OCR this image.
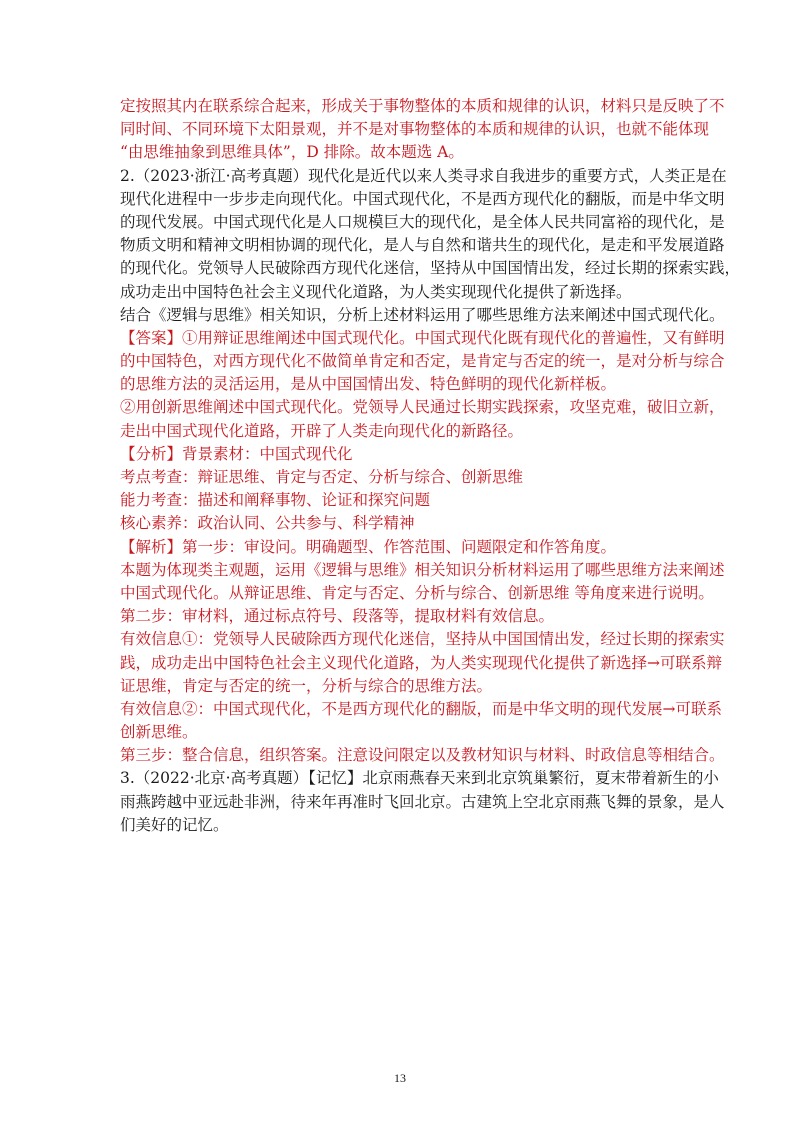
定按照其内在联系综合起来，形成关于事物整体的本质和规律的认识，材料只是反映了不
同时间、不同环境下太阳景观，并不是对事物整体的本质和规律的认识，也就不能体现
“由思维抽象到思维具体”，D 排除。故本题选 A。
2.（2023·浙江·高考真题）现代化是近代以来人类寻求自我进步的重要方式，人类正是在
现代化进程中一步步走向现代化。中国式现代化，不是西方现代化的翻版，而是中华文明
的现代发展。中国式现代化是人口规模巨大的现代化，是全体人民共同富裕的现代化，是
物质文明和精神文明相协调的现代化，是人与自然和谐共生的现代化，是走和平发展道路
的现代化。党领导人民破除西方现代化迷信，坚持从中国国情出发，经过长期的探索实践，
成功走出中国特色社会主义现代化道路，为人类实现现代化提供了新选择。
结合《逻辑与思维》相关知识，分析上述材料运用了哪些思维方法来阐述中国式现代化。
【答案】①用辩证思维阐述中国式现代化。中国式现代化既有现代化的普遍性，又有鲜明
的中国特色，对西方现代化不做简单肯定和否定，是肯定与否定的统一，是对分析与综合
的思维方法的灵活运用，是从中国国情出发、特色鲜明的现代化新样板。
②用创新思维阐述中国式现代化。党领导人民通过长期实践探索，攻坚克难，破旧立新，
走出中国式现代化道路，开辟了人类走向现代化的新路径。
【分析】背景素材：中国式现代化
考点考查：辩证思维、肯定与否定、分析与综合、创新思维
能力考查：描述和阐释事物、论证和探究问题
核心素养：政治认同、公共参与、科学精神
【解析】第一步：审设问。明确题型、作答范围、问题限定和作答角度。
本题为体现类主观题，运用《逻辑与思维》相关知识分析材料运用了哪些思维方法来阐述
中国式现代化。从辩证思维、肯定与否定、分析与综合、创新思维 等角度来进行说明。
第二步：审材料，通过标点符号、段落等，提取材料有效信息。
有效信息①：党领导人民破除西方现代化迷信，坚持从中国国情出发，经过长期的探索实
践，成功走出中国特色社会主义现代化道路，为人类实现现代化提供了新选择→可联系辩
证思维，肯定与否定的统一，分析与综合的思维方法。
有效信息②：中国式现代化，不是西方现代化的翻版，而是中华文明的现代发展→可联系
创新思维。
第三步：整合信息，组织答案。注意设问限定以及教材知识与材料、时政信息等相结合。
3.（2022·北京·高考真题）【记忆】北京雨燕春天来到北京筑巢繁衍，夏末带着新生的小
雨燕跨越中亚远赴非洲，待来年再准时飞回北京。古建筑上空北京雨燕飞舞的景象，是人
们美好的记忆。
13
